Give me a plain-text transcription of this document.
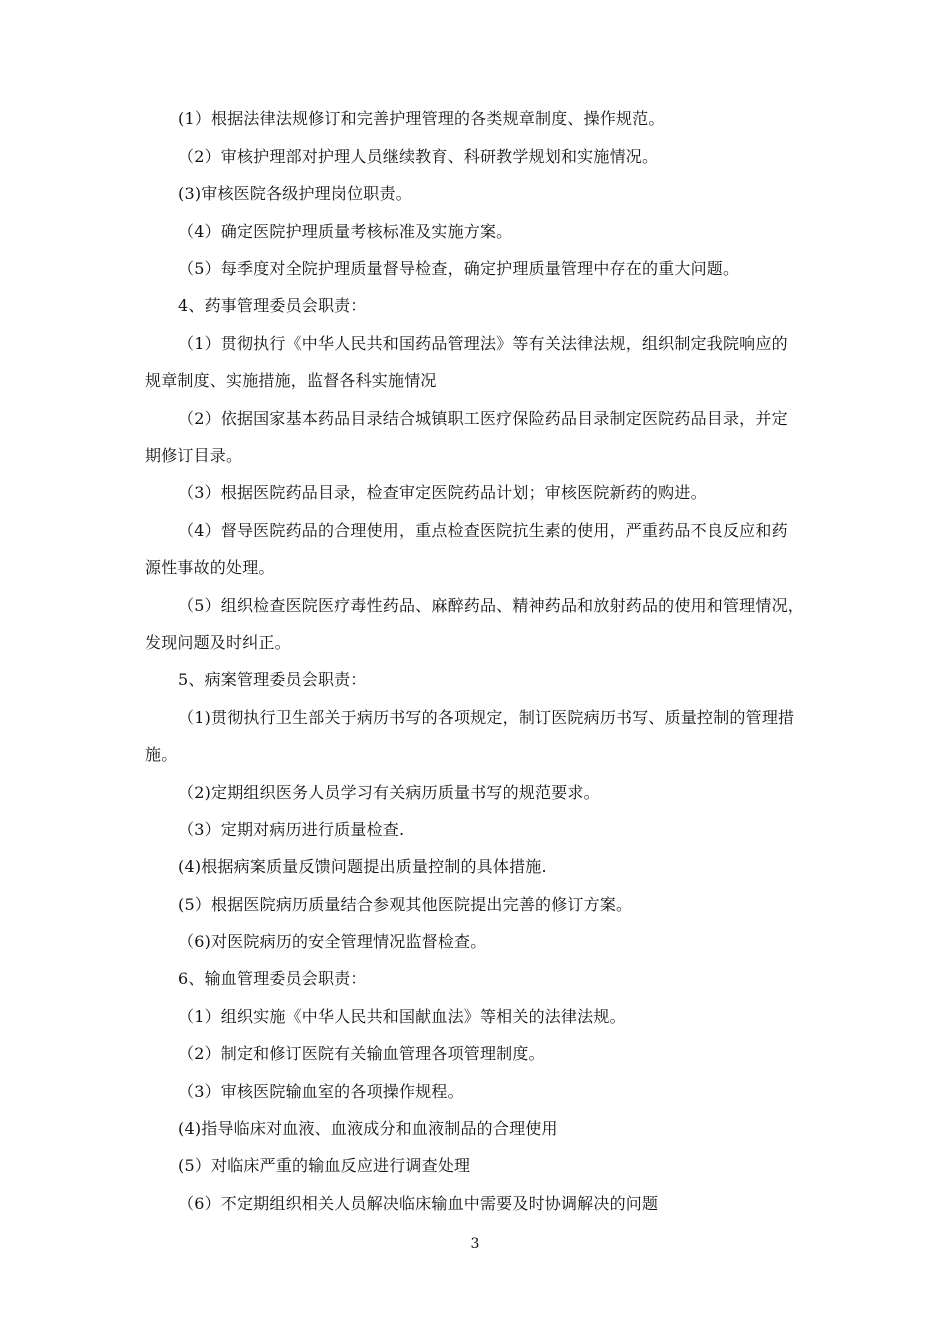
(1）根据法律法规修订和完善护理管理的各类规章制度、操作规范。
（2）审核护理部对护理人员继续教育、科研教学规划和实施情况。
(3)审核医院各级护理岗位职责。
（4）确定医院护理质量考核标准及实施方案。
（5）每季度对全院护理质量督导检查，确定护理质量管理中存在的重大问题。
4、药事管理委员会职责：
（1）贯彻执行《中华人民共和国药品管理法》等有关法律法规，组织制定我院响应的
规章制度、实施措施，监督各科实施情况
（2）依据国家基本药品目录结合城镇职工医疗保险药品目录制定医院药品目录，并定
期修订目录。
（3）根据医院药品目录，检查审定医院药品计划；审核医院新药的购进。
（4）督导医院药品的合理使用，重点检查医院抗生素的使用，严重药品不良反应和药
源性事故的处理。
（5）组织检查医院医疗毒性药品、麻醉药品、精神药品和放射药品的使用和管理情况，
发现问题及时纠正。
5、病案管理委员会职责：
（1)贯彻执行卫生部关于病历书写的各项规定，制订医院病历书写、质量控制的管理措
施。
（2)定期组织医务人员学习有关病历质量书写的规范要求。
（3）定期对病历进行质量检查.
(4)根据病案质量反馈问题提出质量控制的具体措施.
(5）根据医院病历质量结合参观其他医院提出完善的修订方案。
（6)对医院病历的安全管理情况监督检查。
6、输血管理委员会职责：
（1）组织实施《中华人民共和国献血法》等相关的法律法规。
（2）制定和修订医院有关输血管理各项管理制度。
（3）审核医院输血室的各项操作规程。
(4)指导临床对血液、血液成分和血液制品的合理使用
(5）对临床严重的输血反应进行调查处理
（6）不定期组织相关人员解决临床输血中需要及时协调解决的问题
3
